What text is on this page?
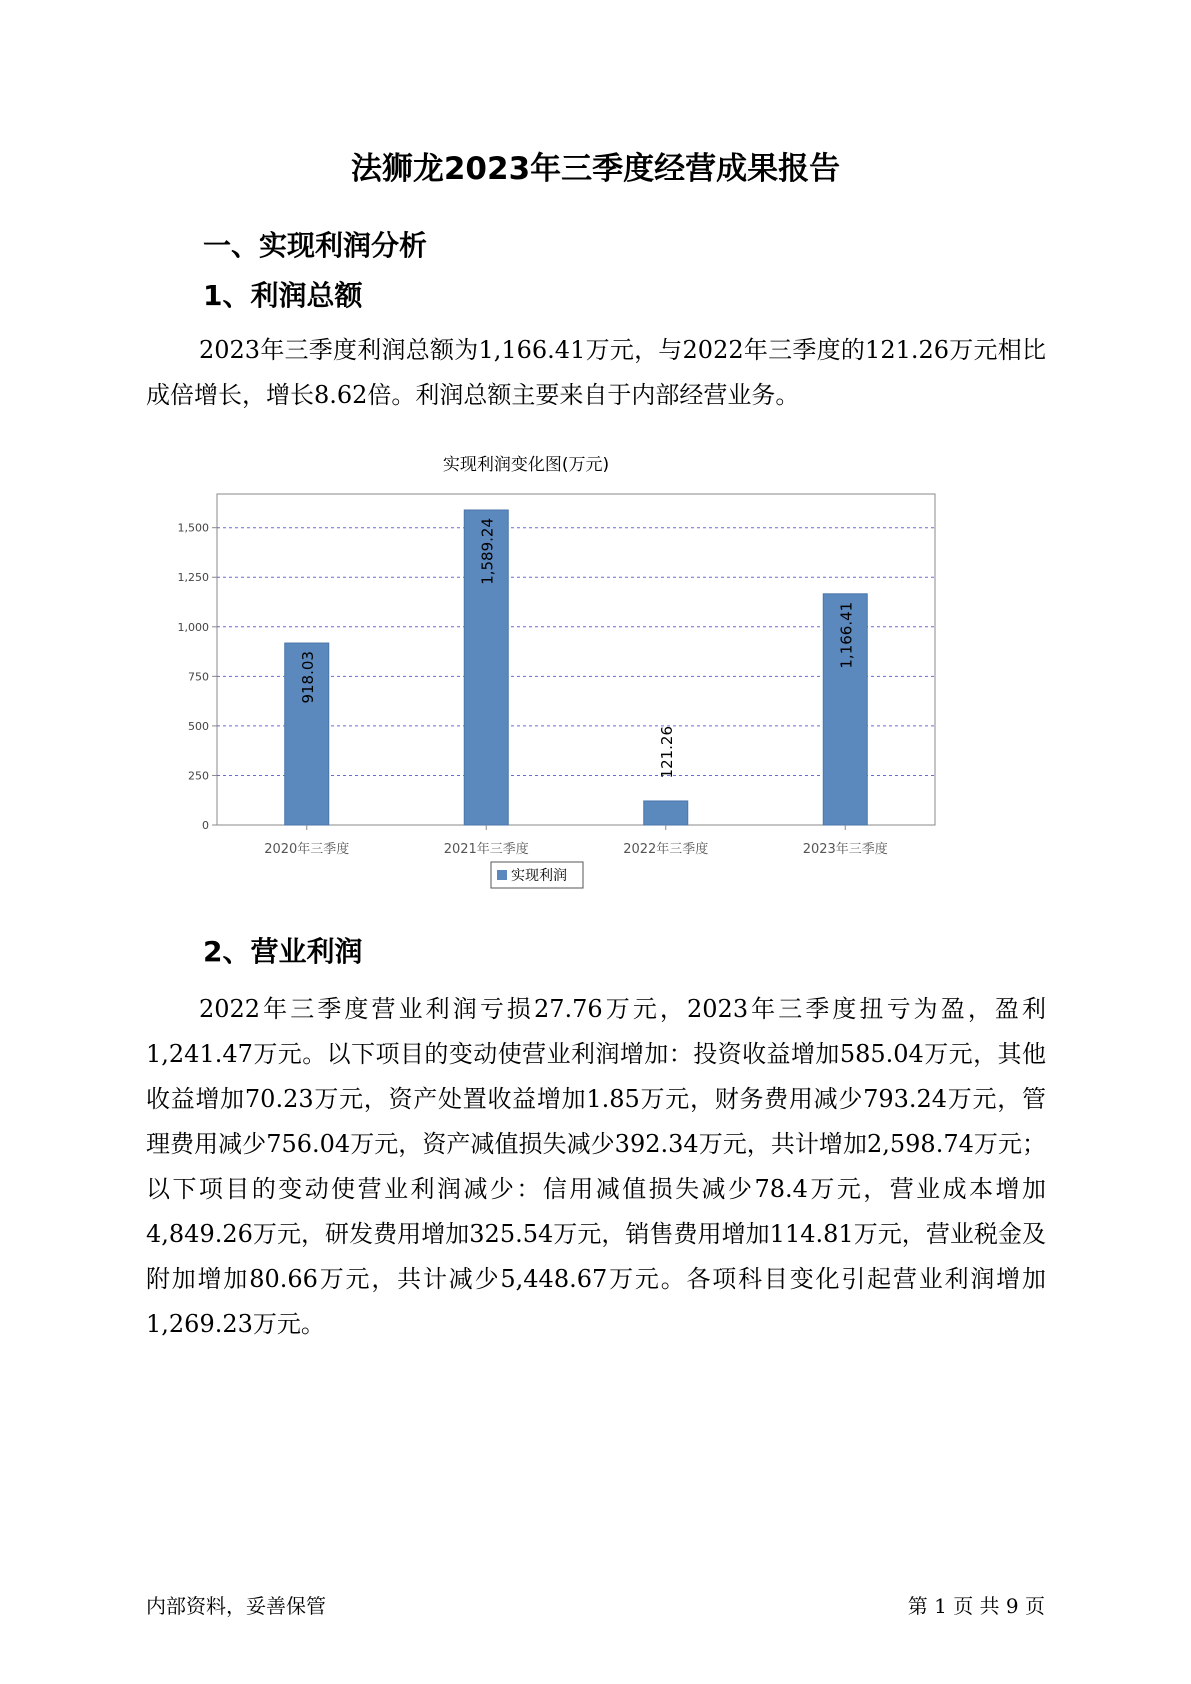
法狮龙2023年三季度经营成果报告
一、实现利润分析
1、利润总额
2023年三季度利润总额为1,166.41万元，与2022年三季度的121.26万元相比成倍增长，增长8.62倍。利润总额主要来自于内部经营业务。
实现利润变化图(万元)
0
250
500
750
1,000
1,250
1,500
918.03
2020年三季度
1,589.24
2021年三季度
121.26
2022年三季度
1,166.41
2023年三季度
实现利润
2、营业利润
2022年三季度营业利润亏损27.76万元，2023年三季度扭亏为盈，盈利1,241.47万元。以下项目的变动使营业利润增加：投资收益增加585.04万元，其他收益增加70.23万元，资产处置收益增加1.85万元，财务费用减少793.24万元，管理费用减少756.04万元，资产减值损失减少392.34万元，共计增加2,598.74万元；以下项目的变动使营业利润减少：信用减值损失减少78.4万元，营业成本增加4,849.26万元，研发费用增加325.54万元，销售费用增加114.81万元，营业税金及附加增加80.66万元，共计减少5,448.67万元。各项科目变化引起营业利润增加1,269.23万元。
内部资料，妥善保管	第 1 页 共 9 页
